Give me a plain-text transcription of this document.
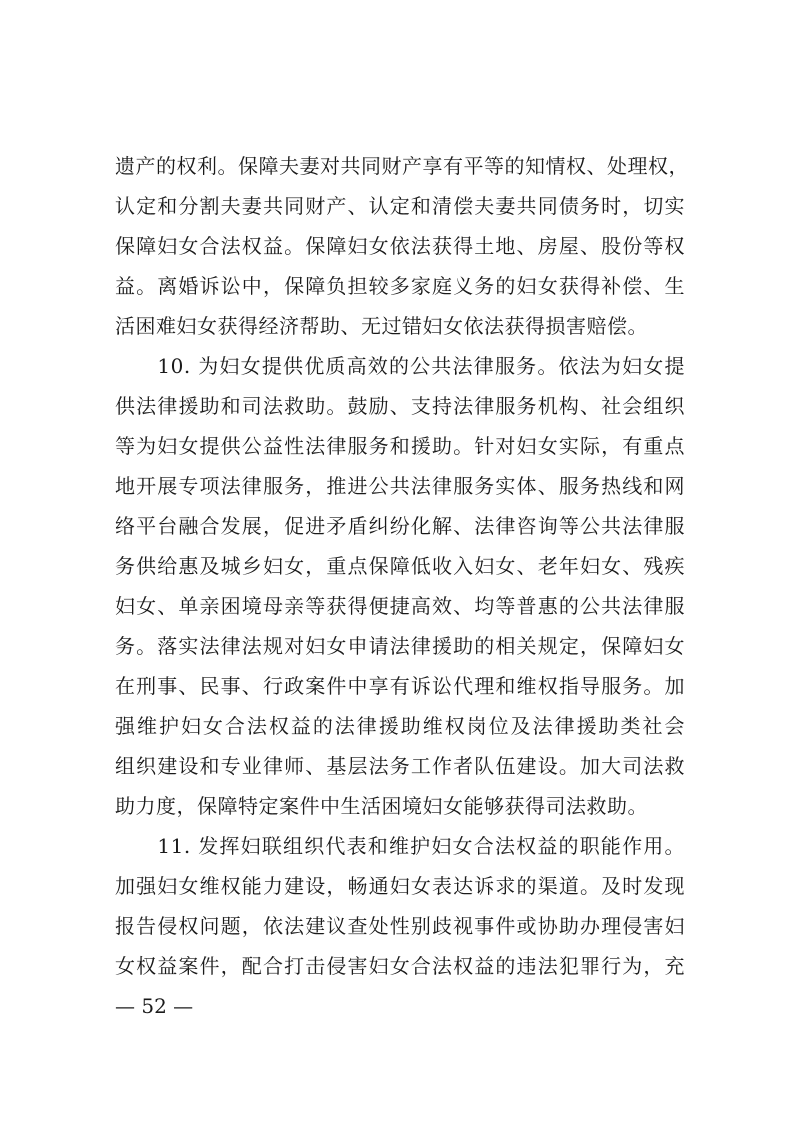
遗产的权利。保障夫妻对共同财产享有平等的知情权、处理权，
认定和分割夫妻共同财产、认定和清偿夫妻共同债务时，切实
保障妇女合法权益。保障妇女依法获得土地、房屋、股份等权
益。离婚诉讼中，保障负担较多家庭义务的妇女获得补偿、生
活困难妇女获得经济帮助、无过错妇女依法获得损害赔偿。
　　10. 为妇女提供优质高效的公共法律服务。依法为妇女提
供法律援助和司法救助。鼓励、支持法律服务机构、社会组织
等为妇女提供公益性法律服务和援助。针对妇女实际，有重点
地开展专项法律服务，推进公共法律服务实体、服务热线和网
络平台融合发展，促进矛盾纠纷化解、法律咨询等公共法律服
务供给惠及城乡妇女，重点保障低收入妇女、老年妇女、残疾
妇女、单亲困境母亲等获得便捷高效、均等普惠的公共法律服
务。落实法律法规对妇女申请法律援助的相关规定，保障妇女
在刑事、民事、行政案件中享有诉讼代理和维权指导服务。加
强维护妇女合法权益的法律援助维权岗位及法律援助类社会
组织建设和专业律师、基层法务工作者队伍建设。加大司法救
助力度，保障特定案件中生活困境妇女能够获得司法救助。
　　11. 发挥妇联组织代表和维护妇女合法权益的职能作用。
加强妇女维权能力建设，畅通妇女表达诉求的渠道。及时发现
报告侵权问题，依法建议查处性别歧视事件或协助办理侵害妇
女权益案件，配合打击侵害妇女合法权益的违法犯罪行为，充
— 52 —
